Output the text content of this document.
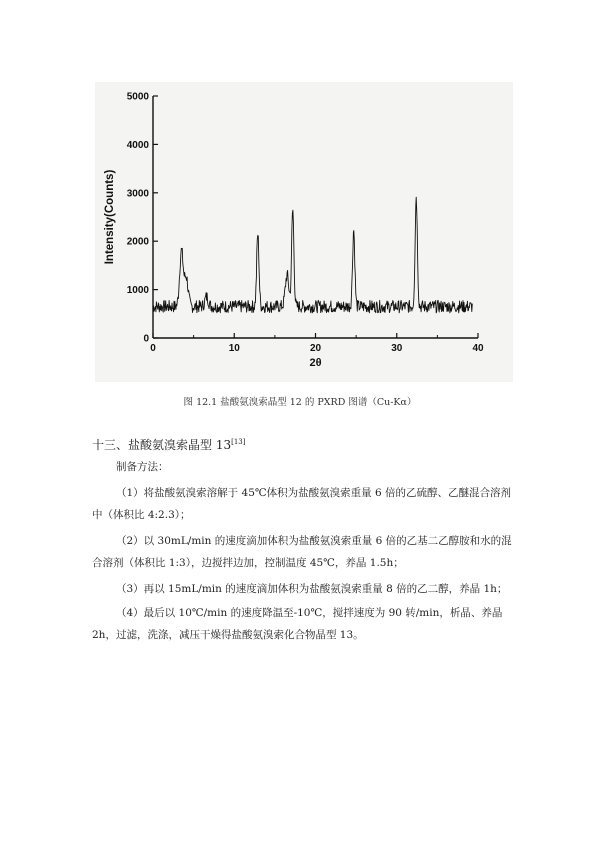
0
1000
2000
3000
4000
5000
0	10	20	30	40
Intensity(Counts)
2θ
图 12.1 盐酸氨溴索晶型 12 的 PXRD 图谱（Cu-Kα）
十三、盐酸氨溴索晶型 13[13]
制备方法：
（1）将盐酸氨溴索溶解于 45℃体积为盐酸氨溴索重量 6 倍的乙硫醇、乙醚混合溶剂中（体积比 4:2.3）；
（2）以 30mL/min 的速度滴加体积为盐酸氨溴索重量 6 倍的乙基二乙醇胺和水的混合溶剂（体积比 1:3），边搅拌边加，控制温度 45℃，养晶 1.5h；
（3）再以 15mL/min 的速度滴加体积为盐酸氨溴索重量 8 倍的乙二醇，养晶 1h；
（4）最后以 10℃/min 的速度降温至-10℃，搅拌速度为 90 转/min，析晶、养晶 2h，过滤，洗涤，减压干燥得盐酸氨溴索化合物晶型 13。
